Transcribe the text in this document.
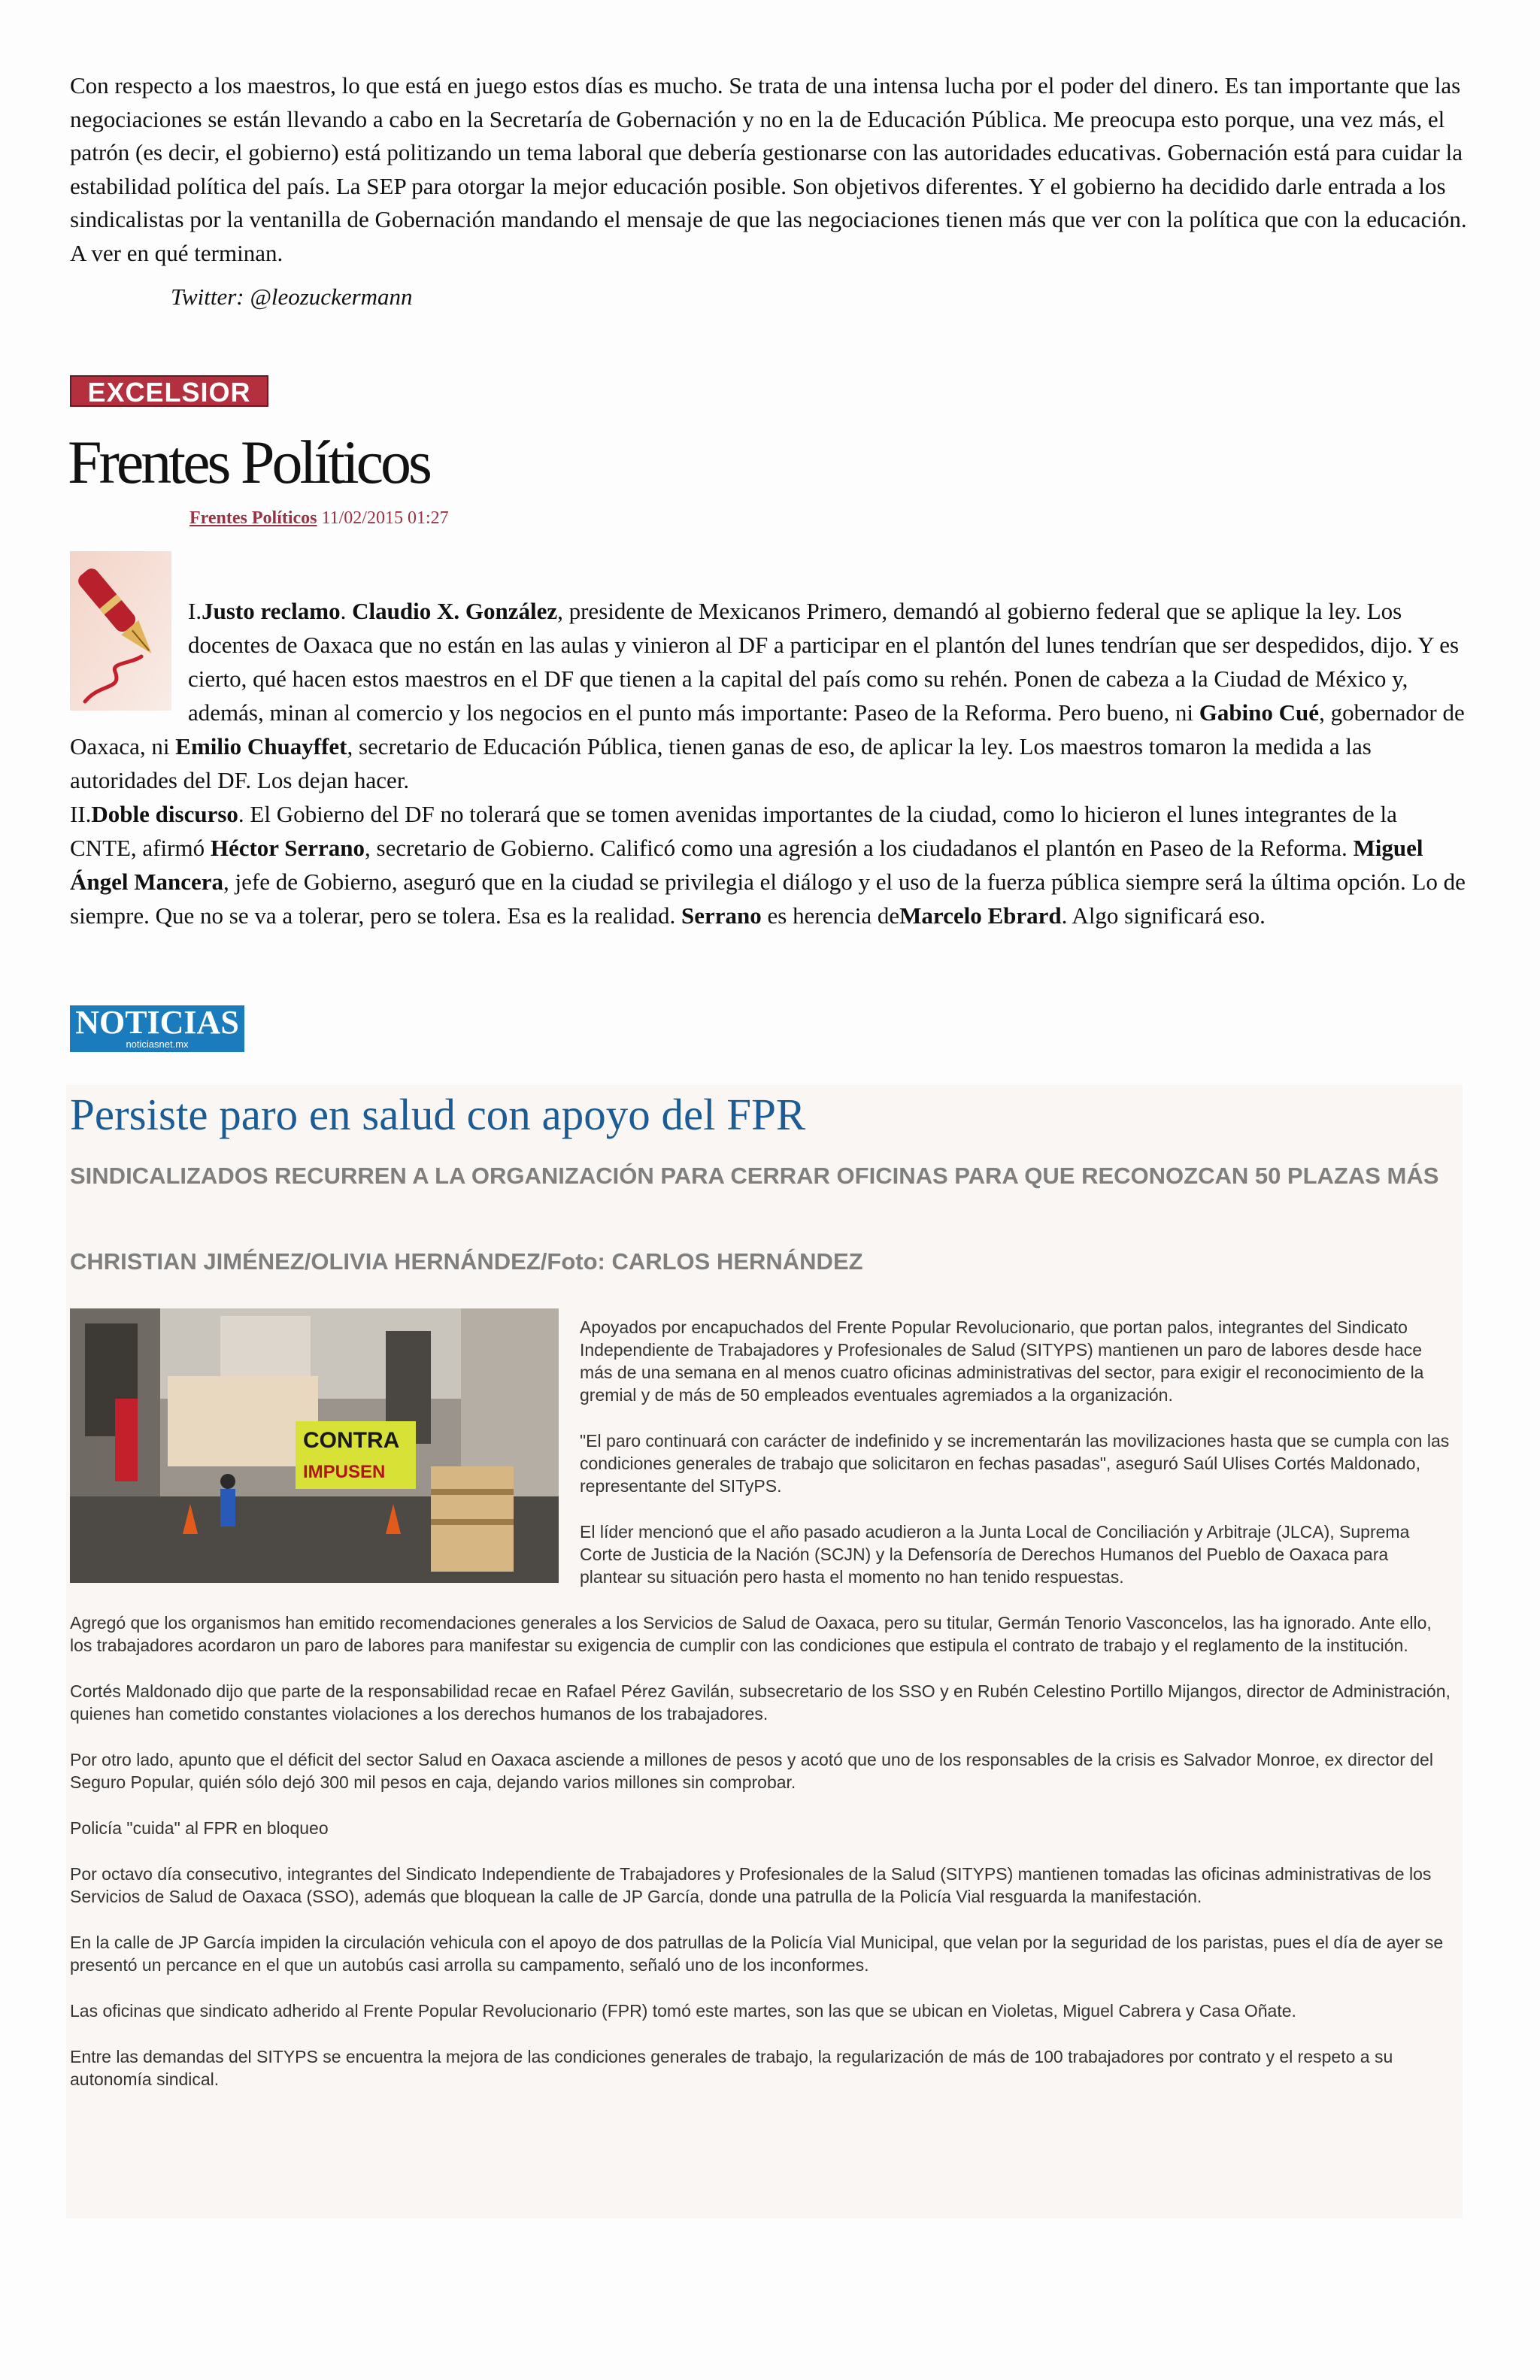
Con respecto a los maestros, lo que está en juego estos días es mucho. Se trata de una intensa lucha por el poder del dinero. Es tan importante que las negociaciones se están llevando a cabo en la Secretaría de Gobernación y no en la de Educación Pública. Me preocupa esto porque, una vez más, el patrón (es decir, el gobierno) está politizando un tema laboral que debería gestionarse con las autoridades educativas. Gobernación está para cuidar la estabilidad política del país. La SEP para otorgar la mejor educación posible. Son objetivos diferentes. Y el gobierno ha decidido darle entrada a los sindicalistas por la ventanilla de Gobernación mandando el mensaje de que las negociaciones tienen más que ver con la política que con la educación. A ver en qué terminan.

Twitter: @leozuckermann

EXCELSIOR
Frentes Políticos
Frentes Políticos 11/02/2015 01:27

I.Justo reclamo. Claudio X. González, presidente de Mexicanos Primero, demandó al gobierno federal que se aplique la ley. Los docentes de Oaxaca que no están en las aulas y vinieron al DF a participar en el plantón del lunes tendrían que ser despedidos, dijo. Y es cierto, qué hacen estos maestros en el DF que tienen a la capital del país como su rehén. Ponen de cabeza a la Ciudad de México y, además, minan al comercio y los negocios en el punto más importante: Paseo de la Reforma. Pero bueno, ni Gabino Cué, gobernador de Oaxaca, ni Emilio Chuayffet, secretario de Educación Pública, tienen ganas de eso, de aplicar la ley. Los maestros tomaron la medida a las autoridades del DF. Los dejan hacer.

II.Doble discurso. El Gobierno del DF no tolerará que se tomen avenidas importantes de la ciudad, como lo hicieron el lunes integrantes de la CNTE, afirmó Héctor Serrano, secretario de Gobierno. Calificó como una agresión a los ciudadanos el plantón en Paseo de la Reforma. Miguel Ángel Mancera, jefe de Gobierno, aseguró que en la ciudad se privilegia el diálogo y el uso de la fuerza pública siempre será la última opción. Lo de siempre. Que no se va a tolerar, pero se tolera. Esa es la realidad. Serrano es herencia deMarcelo Ebrard. Algo significará eso.

NOTICIAS
noticiasnet.mx
Persiste paro en salud con apoyo del FPR
SINDICALIZADOS RECURREN A LA ORGANIZACIÓN PARA CERRAR OFICINAS PARA QUE RECONOZCAN 50 PLAZAS MÁS
CHRISTIAN JIMÉNEZ/OLIVIA HERNÁNDEZ/Foto: CARLOS HERNÁNDEZ
CONTRA
IMPUSEN

Apoyados por encapuchados del Frente Popular Revolucionario, que portan palos, integrantes del Sindicato Independiente de Trabajadores y Profesionales de Salud (SITYPS) mantienen un paro de labores desde hace más de una semana en al menos cuatro oficinas administrativas del sector, para exigir el reconocimiento de la gremial y de más de 50 empleados eventuales agremiados a la organización.

"El paro continuará con carácter de indefinido y se incrementarán las movilizaciones hasta que se cumpla con las condiciones generales de trabajo que solicitaron en fechas pasadas", aseguró Saúl Ulises Cortés Maldonado, representante del SITyPS.

El líder mencionó que el año pasado acudieron a la Junta Local de Conciliación y Arbitraje (JLCA), Suprema Corte de Justicia de la Nación (SCJN) y la Defensoría de Derechos Humanos del Pueblo de Oaxaca para plantear su situación pero hasta el momento no han tenido respuestas.

Agregó que los organismos han emitido recomendaciones generales a los Servicios de Salud de Oaxaca, pero su titular, Germán Tenorio Vasconcelos, las ha ignorado. Ante ello, los trabajadores acordaron un paro de labores para manifestar su exigencia de cumplir con las condiciones que estipula el contrato de trabajo y el reglamento de la institución.

Cortés Maldonado dijo que parte de la responsabilidad recae en Rafael Pérez Gavilán, subsecretario de los SSO y en Rubén Celestino Portillo Mijangos, director de Administración, quienes han cometido constantes violaciones a los derechos humanos de los trabajadores.

Por otro lado, apunto que el déficit del sector Salud en Oaxaca asciende a millones de pesos y acotó que uno de los responsables de la crisis es Salvador Monroe, ex director del Seguro Popular, quién sólo dejó 300 mil pesos en caja, dejando varios millones sin comprobar.

Policía "cuida" al FPR en bloqueo

Por octavo día consecutivo, integrantes del Sindicato Independiente de Trabajadores y Profesionales de la Salud (SITYPS) mantienen tomadas las oficinas administrativas de los Servicios de Salud de Oaxaca (SSO), además que bloquean la calle de JP García, donde una patrulla de la Policía Vial resguarda la manifestación.

En la calle de JP García impiden la circulación vehicula con el apoyo de dos patrullas de la Policía Vial Municipal, que velan por la seguridad de los paristas, pues el día de ayer se presentó un percance en el que un autobús casi arrolla su campamento, señaló uno de los inconformes.

Las oficinas que sindicato adherido al Frente Popular Revolucionario (FPR) tomó este martes, son las que se ubican en Violetas, Miguel Cabrera y Casa Oñate.

Entre las demandas del SITYPS se encuentra la mejora de las condiciones generales de trabajo, la regularización de más de 100 trabajadores por contrato y el respeto a su autonomía sindical.
